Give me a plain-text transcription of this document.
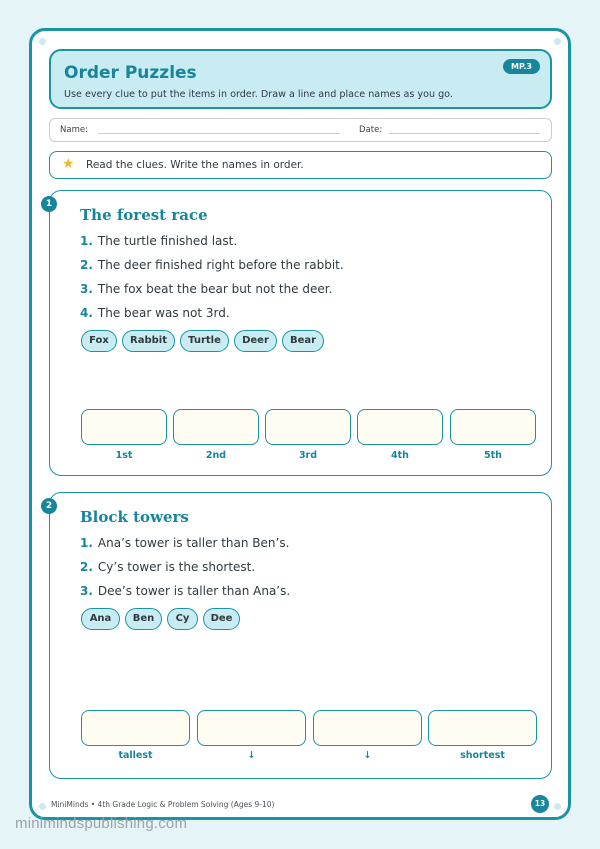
Order Puzzles
Use every clue to put the items in order. Draw a line and place names as you go.
MP.3
Name:	Date:
★ Read the clues. Write the names in order.
1
The forest race
1. The turtle finished last.
2. The deer finished right before the rabbit.
3. The fox beat the bear but not the deer.
4. The bear was not 3rd.
Fox	Rabbit	Turtle	Deer	Bear
1st	2nd	3rd	4th	5th
2
Block towers
1. Ana’s tower is taller than Ben’s.
2. Cy’s tower is the shortest.
3. Dee’s tower is taller than Ana’s.
Ana	Ben	Cy	Dee
tallest	↓	↓	shortest
MiniMinds • 4th Grade Logic & Problem Solving (Ages 9-10)	13
minimindspublishing.com
